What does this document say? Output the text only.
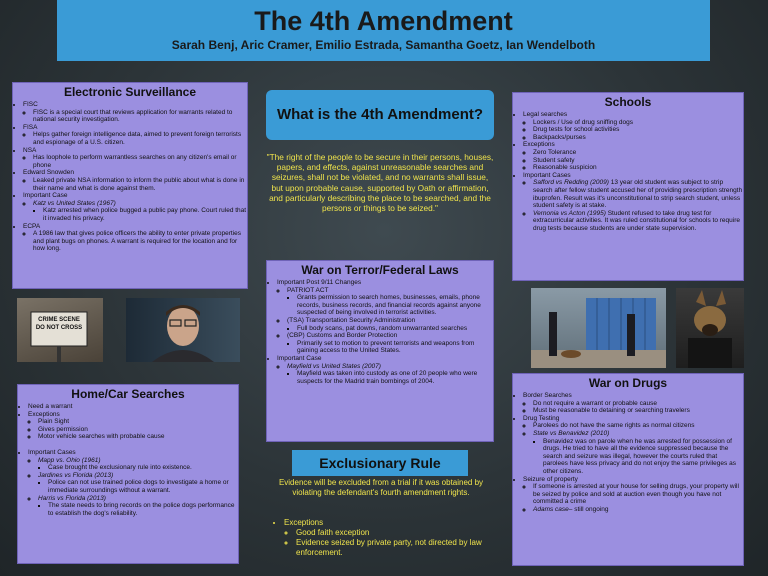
The 4th Amendment
Sarah Benj, Aric Cramer, Emilio Estrada, Samantha Goetz, Ian Wendelboth
Electronic Surveillance
• FISC
◦ FISC is a special court that reviews application for warrants related to national security investigation.
• FISA
◦ Helps gather foreign intelligence data, aimed to prevent foreign terrorists and espionage of a U.S. citizen.
• NSA
◦ Has loophole to perform warrantless searches on any citizen's email or phone
• Edward Snowden
◦ Leaked private NSA information to inform the public about what is done in their name and what is done against them.
• Important Case
◦ Katz vs United States (1967)
▪ Katz arrested when police bugged a public pay phone. Court ruled that it invaded his privacy.
• ECPA
◦ A 1986 law that gives police officers the ability to enter private properties and plant bugs on phones. A warrant is required for the location and for how long.
CRIME SCENE DO NOT CROSS
Home/Car Searches
• Need a warrant
• Exceptions
◦ Plain Sight
◦ Gives permission
◦ Motor vehicle searches with probable cause
• Important Cases
◦ Mapp vs. Ohio (1961)
▪ Case brought the exclusionary rule into existence.
◦ Jardines vs Florida (2013)
▪ Police can not use trained police dogs to investigate a home or immediate surroundings without a warrant.
◦ Harris vs Florida (2013)
▪ The state needs to bring records on the police dogs performance to establish the dog's reliability.
What is the 4th Amendment?
"The right of the people to be secure in their persons, houses, papers, and effects, against unreasonable searches and seizures, shall not be violated, and no warrants shall issue, but upon probable cause, supported by Oath or affirmation, and particularly describing the place to be searched, and the persons or things to be seized."
War on Terror/Federal Laws
• Important Post 9/11 Changes
◦ PATRIOT ACT
▪ Grants permission to search homes, businesses, emails, phone records, business records, and financial records against anyone suspected of being involved in terrorist activities.
◦ (TSA) Transportation Security Administration
▪ Full body scans, pat downs, random unwarranted searches
◦ (CBP) Customs and Border Protection
▪ Primarily set to motion to prevent terrorists and weapons from gaining access to the United States.
• Important Case
◦ Mayfield vs United States (2007)
▪ Mayfield was taken into custody as one of 20 people who were suspects for the Madrid train bombings of 2004.
Exclusionary Rule
Evidence will be excluded from a trial if it was obtained by violating the defendant's fourth amendment rights.
• Exceptions
◦ Good faith exception
◦ Evidence seized by private party, not directed by law enforcement.
Schools
• Legal searches
◦ Lockers / Use of drug sniffing dogs
◦ Drug tests for school activities
◦ Backpacks/purses
• Exceptions
◦ Zero Tolerance
◦ Student safety
◦ Reasonable suspicion
• Important Cases
◦ Safford vs Redding (2009) 13 year old student was subject to strip search after fellow student accused her of providing prescription strength ibuprofen. Result was it's unconstitutional to strip search student, unless student safety is at stake.
◦ Vernonia vs Acton (1995) Student refused to take drug test for extracurricular activities. It was ruled constitutional for schools to require drug tests because students are under state supervision.
War on Drugs
• Border Searches
◦ Do not require a warrant or probable cause
◦ Must be reasonable to detaining or searching travelers
• Drug Testing
◦ Parolees do not have the same rights as normal citizens
◦ State vs Benavidez (2010)
▪ Benavidez was on parole when he was arrested for possession of drugs. He tried to have all the evidence suppressed because the search and seizure was illegal, however the courts ruled that parolees have less privacy and do not enjoy the same privileges as other citizens.
• Seizure of property
◦ If someone is arrested at your house for selling drugs, your property will be seized by police and sold at auction even though you have not committed a crime
◦ Adams case– still ongoing
